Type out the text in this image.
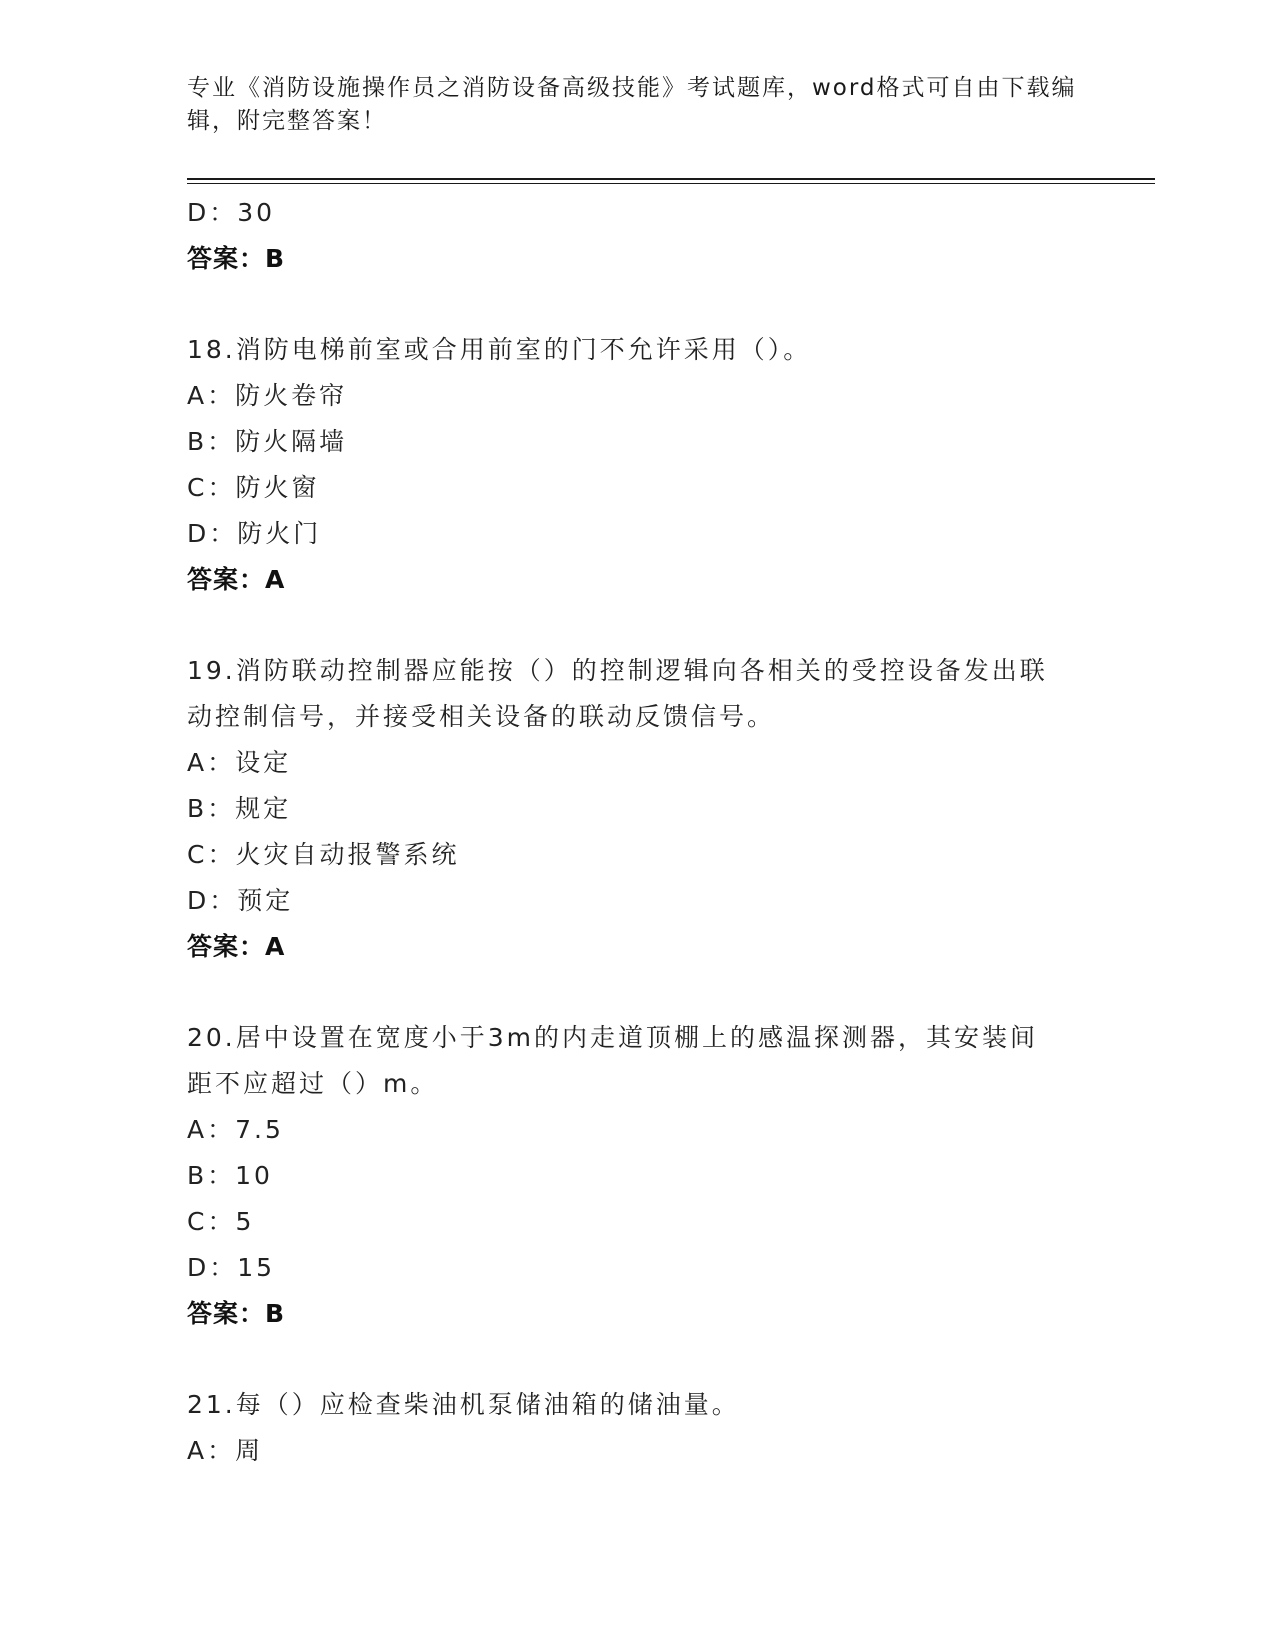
专业《消防设施操作员之消防设备高级技能》考试题库，word格式可自由下载编
辑，附完整答案！
D：30
答案：B
18.消防电梯前室或合用前室的门不允许采用（）。
A：防火卷帘
B：防火隔墙
C：防火窗
D：防火门
答案：A
19.消防联动控制器应能按（）的控制逻辑向各相关的受控设备发出联
动控制信号，并接受相关设备的联动反馈信号。
A：设定
B：规定
C：火灾自动报警系统
D：预定
答案：A
20.居中设置在宽度小于3m的内走道顶棚上的感温探测器，其安装间
距不应超过（）m。
A：7.5
B：10
C：5
D：15
答案：B
21.每（）应检查柴油机泵储油箱的储油量。
A：周
